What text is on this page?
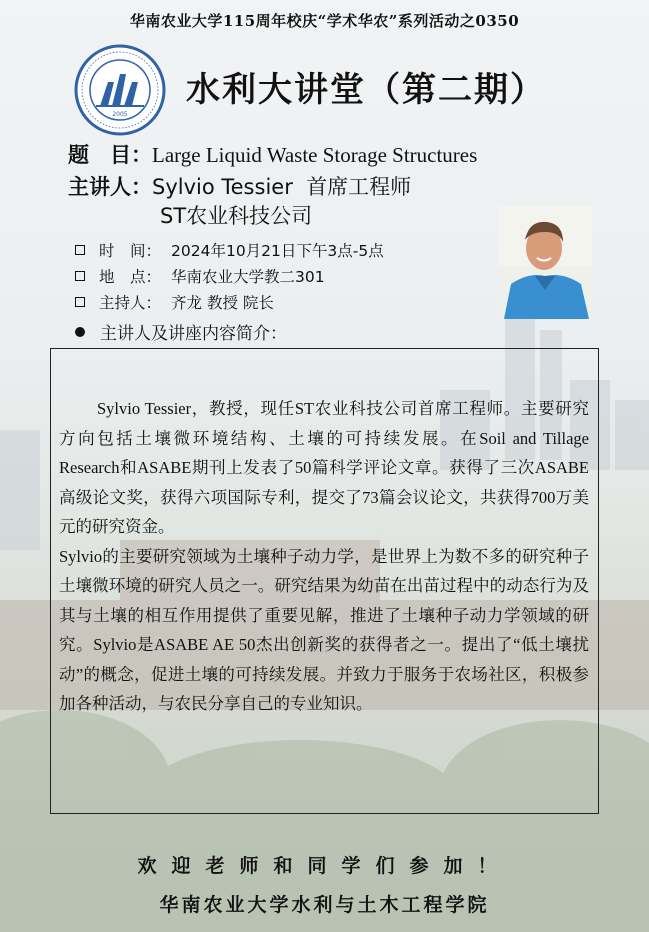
华南农业大学115周年校庆“学术华农”系列活动之0350
2005
水利大讲堂（第二期）
题　目：Large Liquid Waste Storage Structures
主讲人：Sylvio Tessier 首席工程师
ST农业科技公司
时　间： 2024年10月21日下午3点-5点
地　点： 华南农业大学教二301
主持人： 齐龙 教授 院长
主讲人及讲座内容简介：

Sylvio Tessier，教授，现任ST农业科技公司首席工程师。主要研究方向包括土壤微环境结构、土壤的可持续发展。在Soil and Tillage Research和ASABE期刊上发表了50篇科学评论文章。获得了三次ASABE高级论文奖，获得六项国际专利，提交了73篇会议论文，共获得700万美元的研究资金。

Sylvio的主要研究领域为土壤种子动力学，是世界上为数不多的研究种子土壤微环境的研究人员之一。研究结果为幼苗在出苗过程中的动态行为及其与土壤的相互作用提供了重要见解，推进了土壤种子动力学领域的研究。Sylvio是ASABE AE 50杰出创新奖的获得者之一。提出了“低土壤扰动”的概念，促进土壤的可持续发展。并致力于服务于农场社区，积极参加各种活动，与农民分享自己的专业知识。

欢迎老师和同学们参加！
华南农业大学水利与土木工程学院
